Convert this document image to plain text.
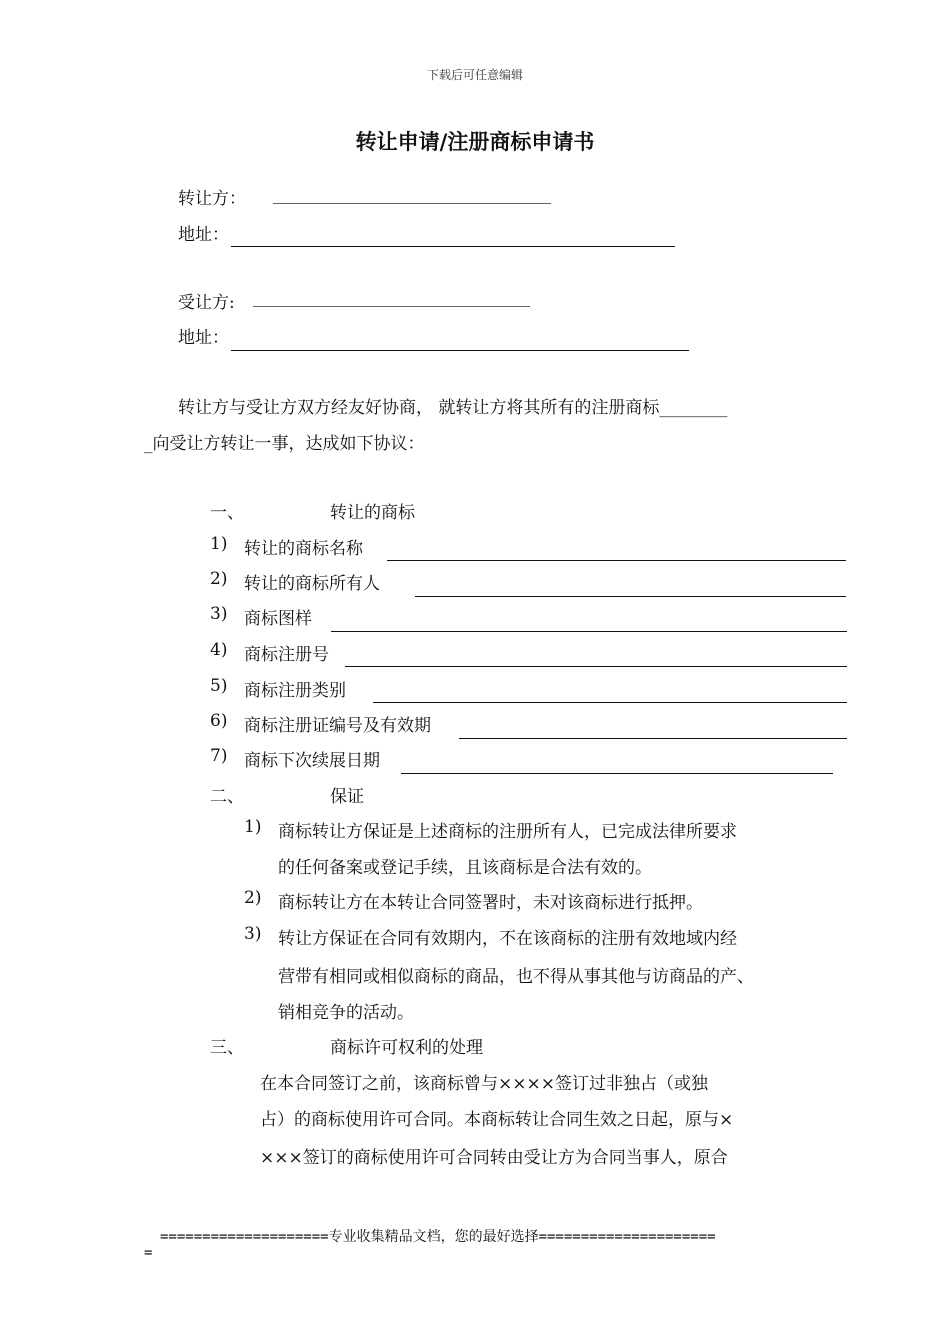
下载后可任意编辑
转让申请/注册商标申请书
转让方：
地址：
受让方:
地址：
转让方与受让方双方经友好协商， 就转让方将其所有的注册商标________
_向受让方转让一事，达成如下协议：
一、	转让的商标
1) 转让的商标名称
2) 转让的商标所有人
3) 商标图样
4) 商标注册号
5) 商标注册类别
6) 商标注册证编号及有效期
7) 商标下次续展日期
二、	保证
1) 商标转让方保证是上述商标的注册所有人，已完成法律所要求
的任何备案或登记手续，且该商标是合法有效的。
2) 商标转让方在本转让合同签署时，未对该商标进行抵押。
3) 转让方保证在合同有效期内，不在该商标的注册有效地域内经
营带有相同或相似商标的商品，也不得从事其他与访商品的产、
销相竞争的活动。
三、	商标许可权利的处理
在本合同签订之前，该商标曾与××××签订过非独占（或独
占）的商标使用许可合同。本商标转让合同生效之日起，原与×
×××签订的商标使用许可合同转由受让方为合同当事人，原合
====================专业收集精品文档，您的最好选择=====================
=
